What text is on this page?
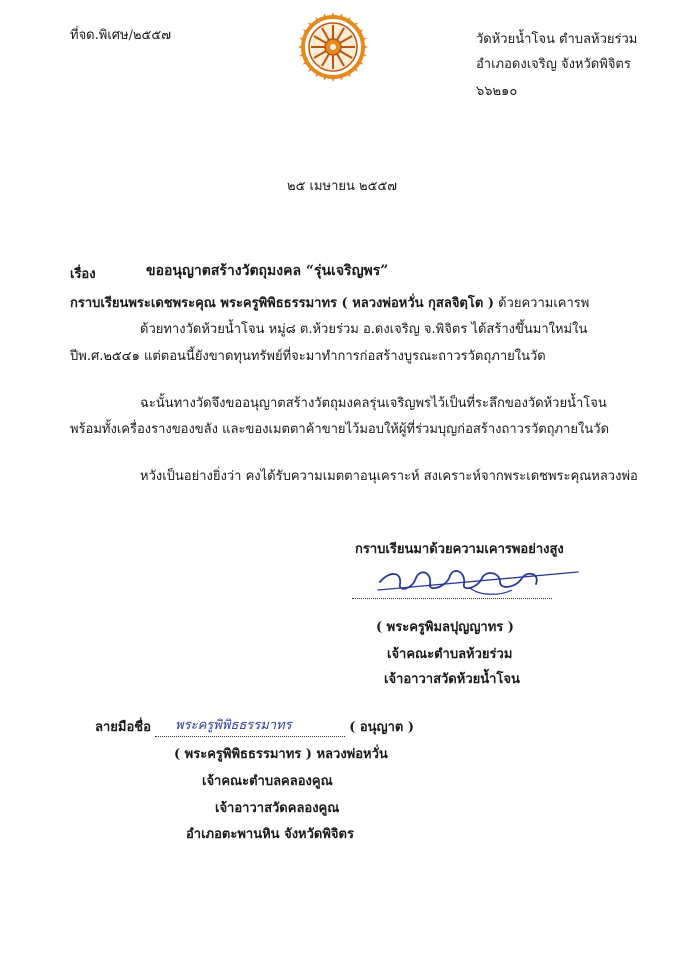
ที่จด.พิเศษ/๒๕๕๗	วัดห้วยน้ำโจน ตำบลห้วยร่วม
อำเภอดงเจริญ จังหวัดพิจิตร
๖๖๒๑๐
๒๕ เมษายน ๒๕๕๗
เรื่อง	ขออนุญาตสร้างวัตถุมงคล “รุ่นเจริญพร”
กราบเรียนพระเดชพระคุณ พระครูพิพิธธรรมาทร ( หลวงพ่อหวั่น กุสลจิตฺโต ) ด้วยความเคารพ
ด้วยทางวัดห้วยน้ำโจน หมู่๘ ต.ห้วยร่วม อ.ดงเจริญ จ.พิจิตร ได้สร้างขึ้นมาใหม่ใน
ปีพ.ศ.๒๕๔๑ แต่ตอนนี้ยังขาดทุนทรัพย์ที่จะมาทำการก่อสร้างบูรณะถาวรวัตถุภายในวัด
ฉะนั้นทางวัดจึงขออนุญาตสร้างวัตถุมงคลรุ่นเจริญพรไว้เป็นที่ระลึกของวัดห้วยน้ำโจน
พร้อมทั้งเครื่องรางของขลัง และของเมตตาค้าขายไว้มอบให้ผู้ที่ร่วมบุญก่อสร้างถาวรวัตถุภายในวัด
หวังเป็นอย่างยิ่งว่า คงได้รับความเมตตาอนุเคราะห์ สงเคราะห์จากพระเดชพระคุณหลวงพ่อ
กราบเรียนมาด้วยความเคารพอย่างสูง
( พระครูพิมลปุญญาทร )
เจ้าคณะตำบลห้วยร่วม
เจ้าอาวาสวัดห้วยน้ำโจน
ลายมือชื่อ พระครูพิพิธธรรมาทร	( อนุญาต )
( พระครูพิพิธธรรมาทร ) หลวงพ่อหวั่น
เจ้าคณะตำบลคลองคูณ
เจ้าอาวาสวัดคลองคูณ
อำเภอตะพานหิน จังหวัดพิจิตร
